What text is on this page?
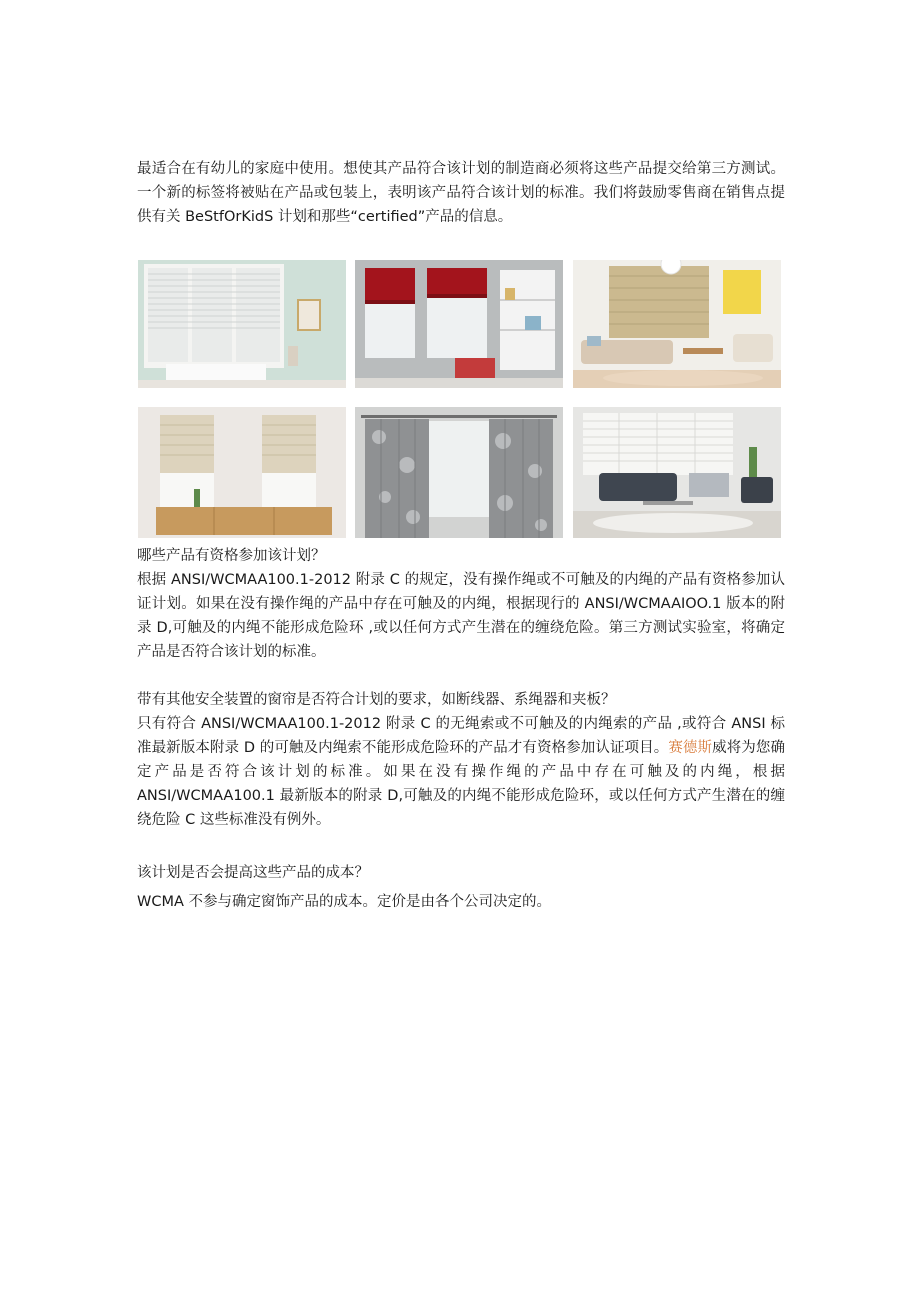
最适合在有幼儿的家庭中使用。想使其产品符合该计划的制造商必须将这些产品提交给第三方测试。一个新的标签将被贴在产品或包装上，表明该产品符合该计划的标准。我们将鼓励零售商在销售点提供有关 BeStfOrKidS 计划和那些“certified”产品的信息。

哪些产品有资格参加该计划？

根据 ANSI/WCMAA100.1-2012 附录 C 的规定，没有操作绳或不可触及的内绳的产品有资格参加认证计划。如果在没有操作绳的产品中存在可触及的内绳，根据现行的 ANSI/WCMAAIOO.1 版本的附录 D,可触及的内绳不能形成危险环 ,或以任何方式产生潜在的缠绕危险。第三方测试实验室，将确定产品是否符合该计划的标准。

带有其他安全装置的窗帘是否符合计划的要求，如断线器、系绳器和夹板？

只有符合 ANSI/WCMAA100.1-2012 附录 C 的无绳索或不可触及的内绳索的产品 ,或符合 ANSI 标准最新版本附录 D 的可触及内绳索不能形成危险环的产品才有资格参加认证项目。赛德斯威将为您确定产品是否符合该计划的标准。如果在没有操作绳的产品中存在可触及的内绳，根据 ANSI/WCMAA100.1 最新版本的附录 D,可触及的内绳不能形成危险环，或以任何方式产生潜在的缠绕危险 C 这些标准没有例外。

该计划是否会提高这些产品的成本？

WCMA 不参与确定窗饰产品的成本。定价是由各个公司决定的。
